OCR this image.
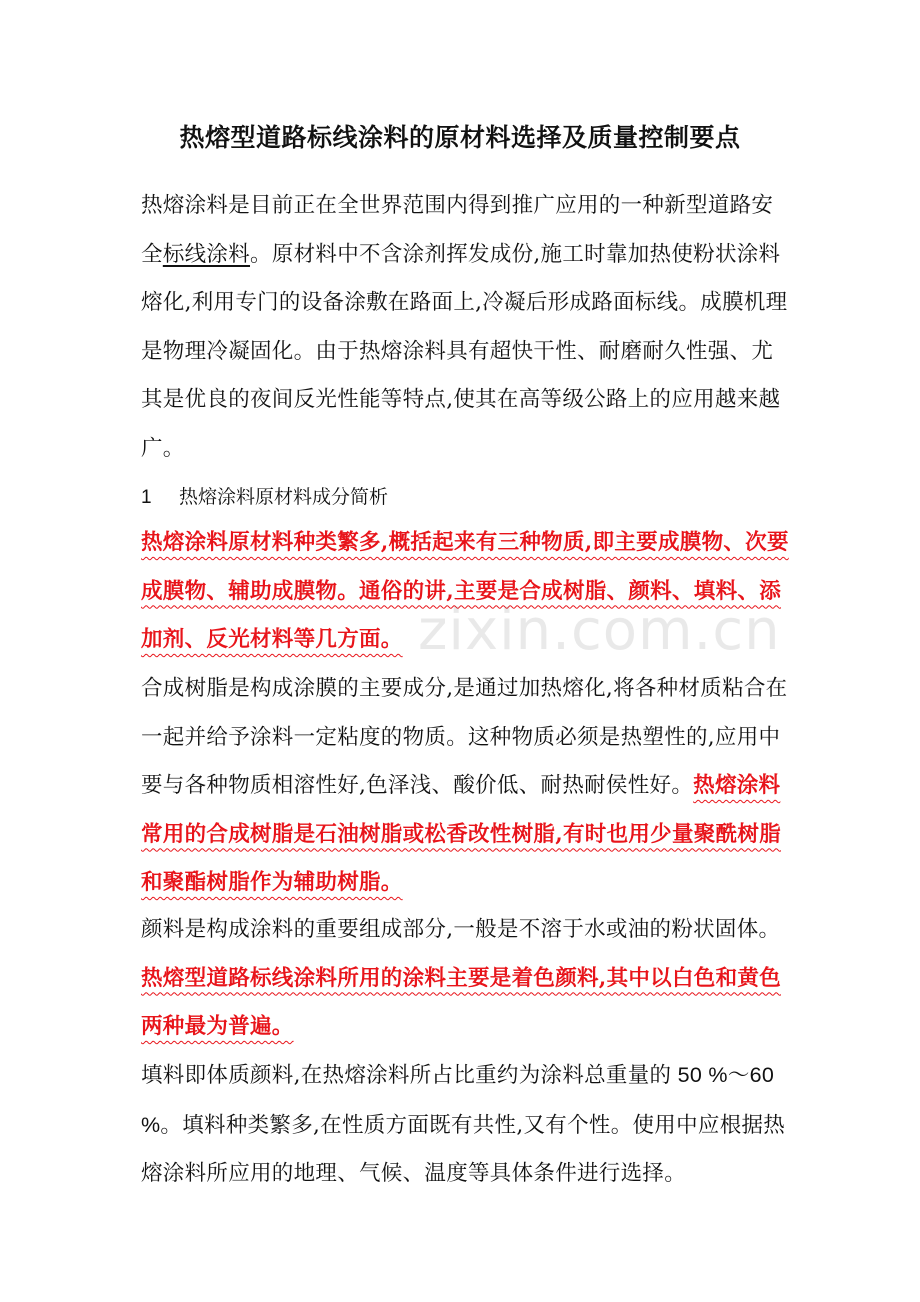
热熔型道路标线涂料的原材料选择及质量控制要点

热熔涂料是目前正在全世界范围内得到推广应用的一种新型道路安全标线涂料。原材料中不含涂剂挥发成份,施工时靠加热使粉状涂料熔化,利用专门的设备涂敷在路面上,冷凝后形成路面标线。成膜机理是物理冷凝固化。由于热熔涂料具有超快干性、耐磨耐久性强、尤其是优良的夜间反光性能等特点,使其在高等级公路上的应用越来越广。

1 热熔涂料原材料成分简析

热熔涂料原材料种类繁多,概括起来有三种物质,即主要成膜物、次要成膜物、辅助成膜物。通俗的讲,主要是合成树脂、颜料、填料、添加剂、反光材料等几方面。

合成树脂是构成涂膜的主要成分,是通过加热熔化,将各种材质粘合在一起并给予涂料一定粘度的物质。这种物质必须是热塑性的,应用中要与各种物质相溶性好,色泽浅、酸价低、耐热耐侯性好。热熔涂料常用的合成树脂是石油树脂或松香改性树脂,有时也用少量聚酰树脂和聚酯树脂作为辅助树脂。

颜料是构成涂料的重要组成部分,一般是不溶于水或油的粉状固体。热熔型道路标线涂料所用的涂料主要是着色颜料,其中以白色和黄色两种最为普遍。

填料即体质颜料,在热熔涂料所占比重约为涂料总重量的 50 %～60 %。填料种类繁多,在性质方面既有共性,又有个性。使用中应根据热熔涂料所应用的地理、气候、温度等具体条件进行选择。

zixin.com.cn
